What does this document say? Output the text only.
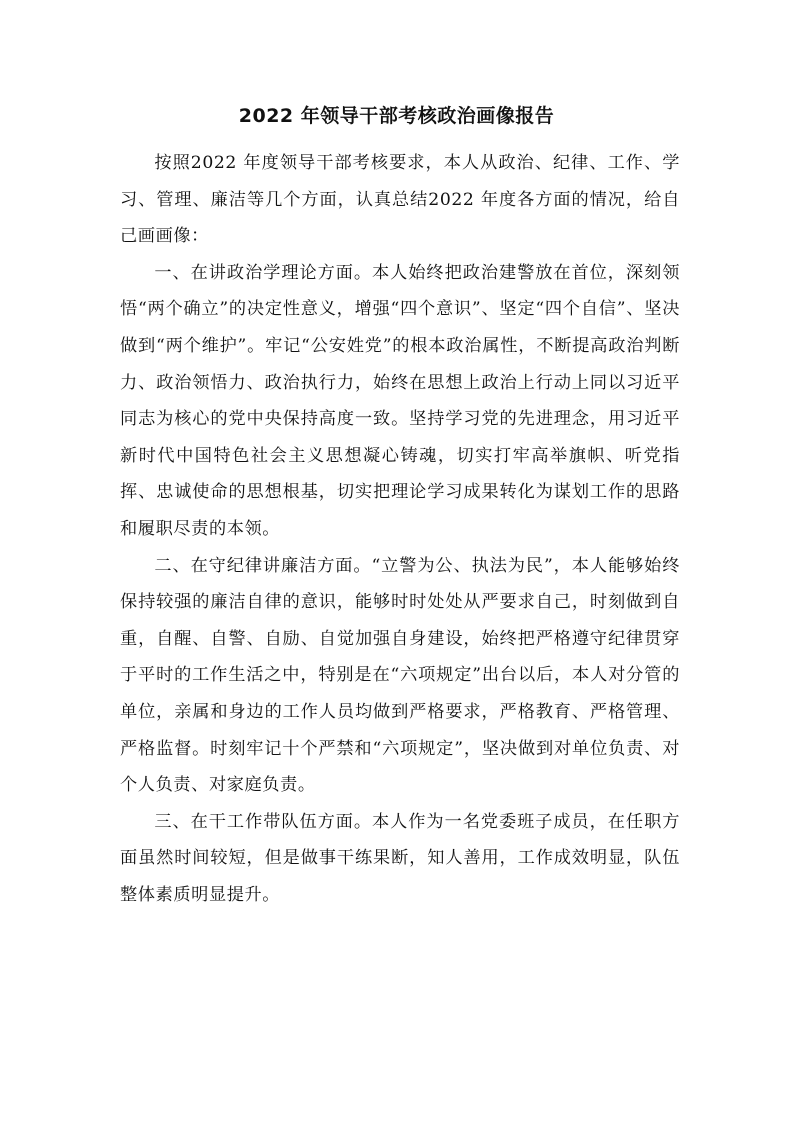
2022 年领导干部考核政治画像报告

按照2022 年度领导干部考核要求，本人从政治、纪律、工作、学习、管理、廉洁等几个方面，认真总结2022 年度各方面的情况，给自己画画像：

一、在讲政治学理论方面。本人始终把政治建警放在首位，深刻领悟“两个确立”的决定性意义，增强“四个意识”、坚定“四个自信”、坚决做到“两个维护”。牢记“公安姓党”的根本政治属性，不断提高政治判断力、政治领悟力、政治执行力，始终在思想上政治上行动上同以习近平同志为核心的党中央保持高度一致。坚持学习党的先进理念，用习近平新时代中国特色社会主义思想凝心铸魂，切实打牢高举旗帜、听党指挥、忠诚使命的思想根基，切实把理论学习成果转化为谋划工作的思路和履职尽责的本领。

二、在守纪律讲廉洁方面。“立警为公、执法为民”，本人能够始终保持较强的廉洁自律的意识，能够时时处处从严要求自己，时刻做到自重，自醒、自警、自励、自觉加强自身建设，始终把严格遵守纪律贯穿于平时的工作生活之中，特别是在“六项规定”出台以后，本人对分管的单位，亲属和身边的工作人员均做到严格要求，严格教育、严格管理、严格监督。时刻牢记十个严禁和“六项规定”，坚决做到对单位负责、对个人负责、对家庭负责。

三、在干工作带队伍方面。本人作为一名党委班子成员，在任职方面虽然时间较短，但是做事干练果断，知人善用，工作成效明显，队伍整体素质明显提升。
